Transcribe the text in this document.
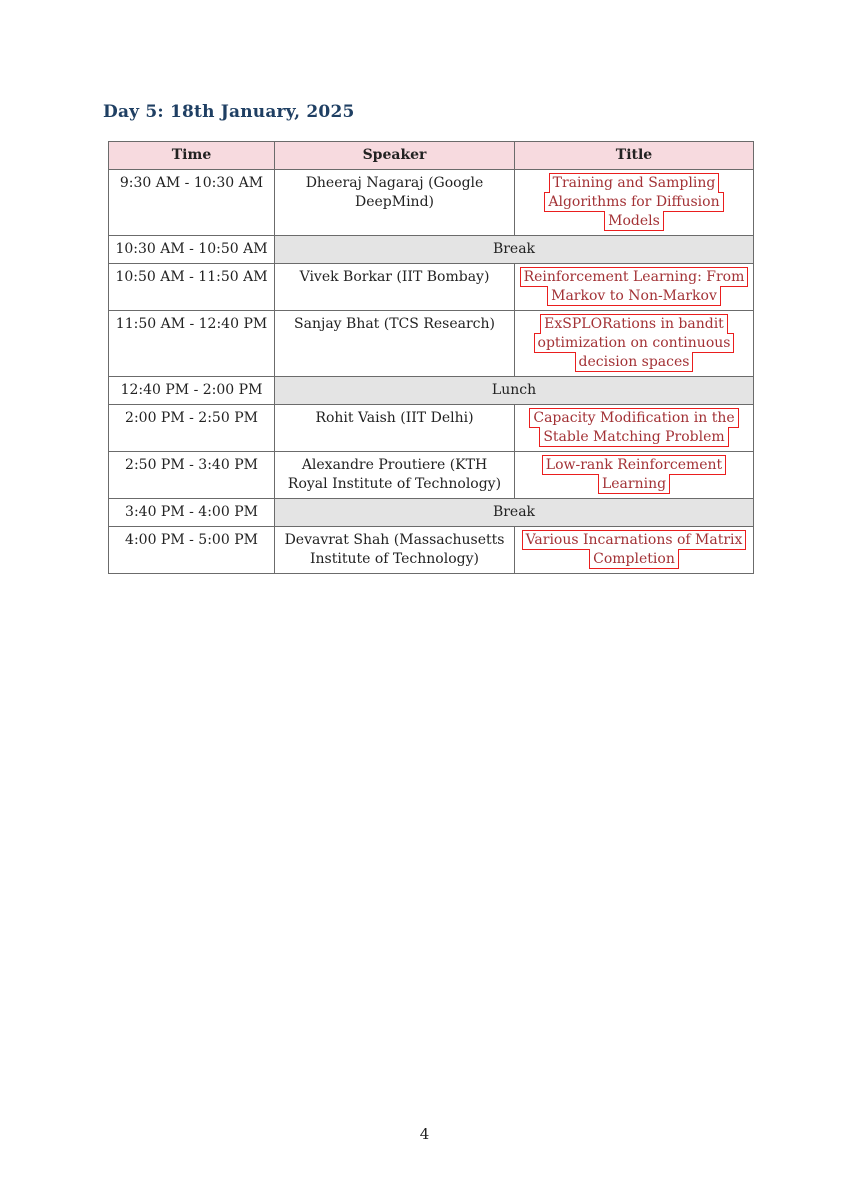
Day 5: 18th January, 2025
Time	Speaker	Title
9:30 AM - 10:30 AM	Dheeraj Nagaraj (Google DeepMind)	Training and Sampling Algorithms for Diffusion Models
10:30 AM - 10:50 AM	Break	
10:50 AM - 11:50 AM	Vivek Borkar (IIT Bombay)	Reinforcement Learning: From Markov to Non-Markov
11:50 AM - 12:40 PM	Sanjay Bhat (TCS Research)	ExSPLORations in bandit optimization on continuous decision spaces
12:40 PM - 2:00 PM	Lunch	
2:00 PM - 2:50 PM	Rohit Vaish (IIT Delhi)	Capacity Modification in the Stable Matching Problem
2:50 PM - 3:40 PM	Alexandre Proutiere (KTH Royal Institute of Technology)	Low-rank Reinforcement Learning
3:40 PM - 4:00 PM	Break	
4:00 PM - 5:00 PM	Devavrat Shah (Massachusetts Institute of Technology)	Various Incarnations of Matrix Completion
4
